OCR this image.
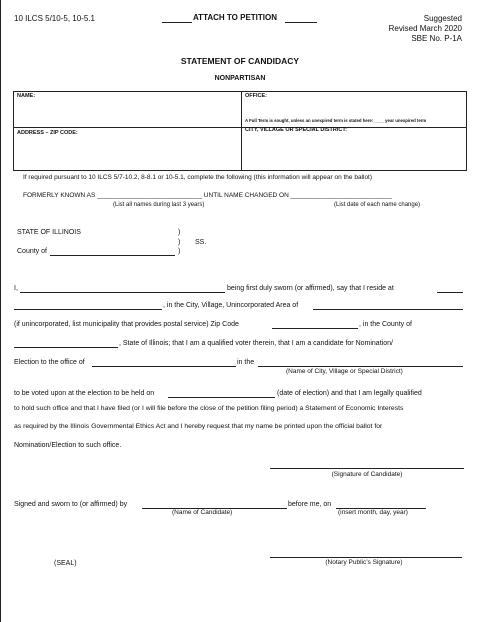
10 ILCS 5/10-5, 10-5.1	ATTACH TO PETITION	Suggested
Revised March 2020
SBE No. P-1A
STATEMENT OF CANDIDACY
NONPARTISAN
NAME:	OFFICE:
A Full Term is sought, unless an unexpired term is stated here: ____ year unexpired term
ADDRESS – ZIP CODE:	CITY, VILLAGE OR SPECIAL DISTRICT:
If required pursuant to 10 ILCS 5/7-10.2, 8-8.1 or 10-5.1, complete the following (this information will appear on the ballot)
FORMERLY KNOWN AS _____________________________ UNTIL NAME CHANGED ON ____________________________
(List all names during last 3 years)	(List date of each name change)
STATE OF ILLINOIS	)
) SS.
County of	)
I,	being first duly sworn (or affirmed), say that I reside at
, in the City, Village, Unincorporated Area of
(if unincorporated, list municipality that provides postal service) Zip Code	, in the County of
, State of Illinois; that I am a qualified voter therein, that I am a candidate for Nomination/
Election to the office of	in the
(Name of City, Village or Special District)
to be voted upon at the election to be held on	(date of election) and that I am legally qualified
to hold such office and that I have filed (or I will file before the close of the petition filing period) a Statement of Economic Interests
as required by the Illinois Governmental Ethics Act and I hereby request that my name be printed upon the official ballot for
Nomination/Election to such office.
(Signature of Candidate)
Signed and sworn to (or affirmed) by	before me, on
(Name of Candidate)	(insert month, day, year)
(SEAL)	(Notary Public’s Signature)
